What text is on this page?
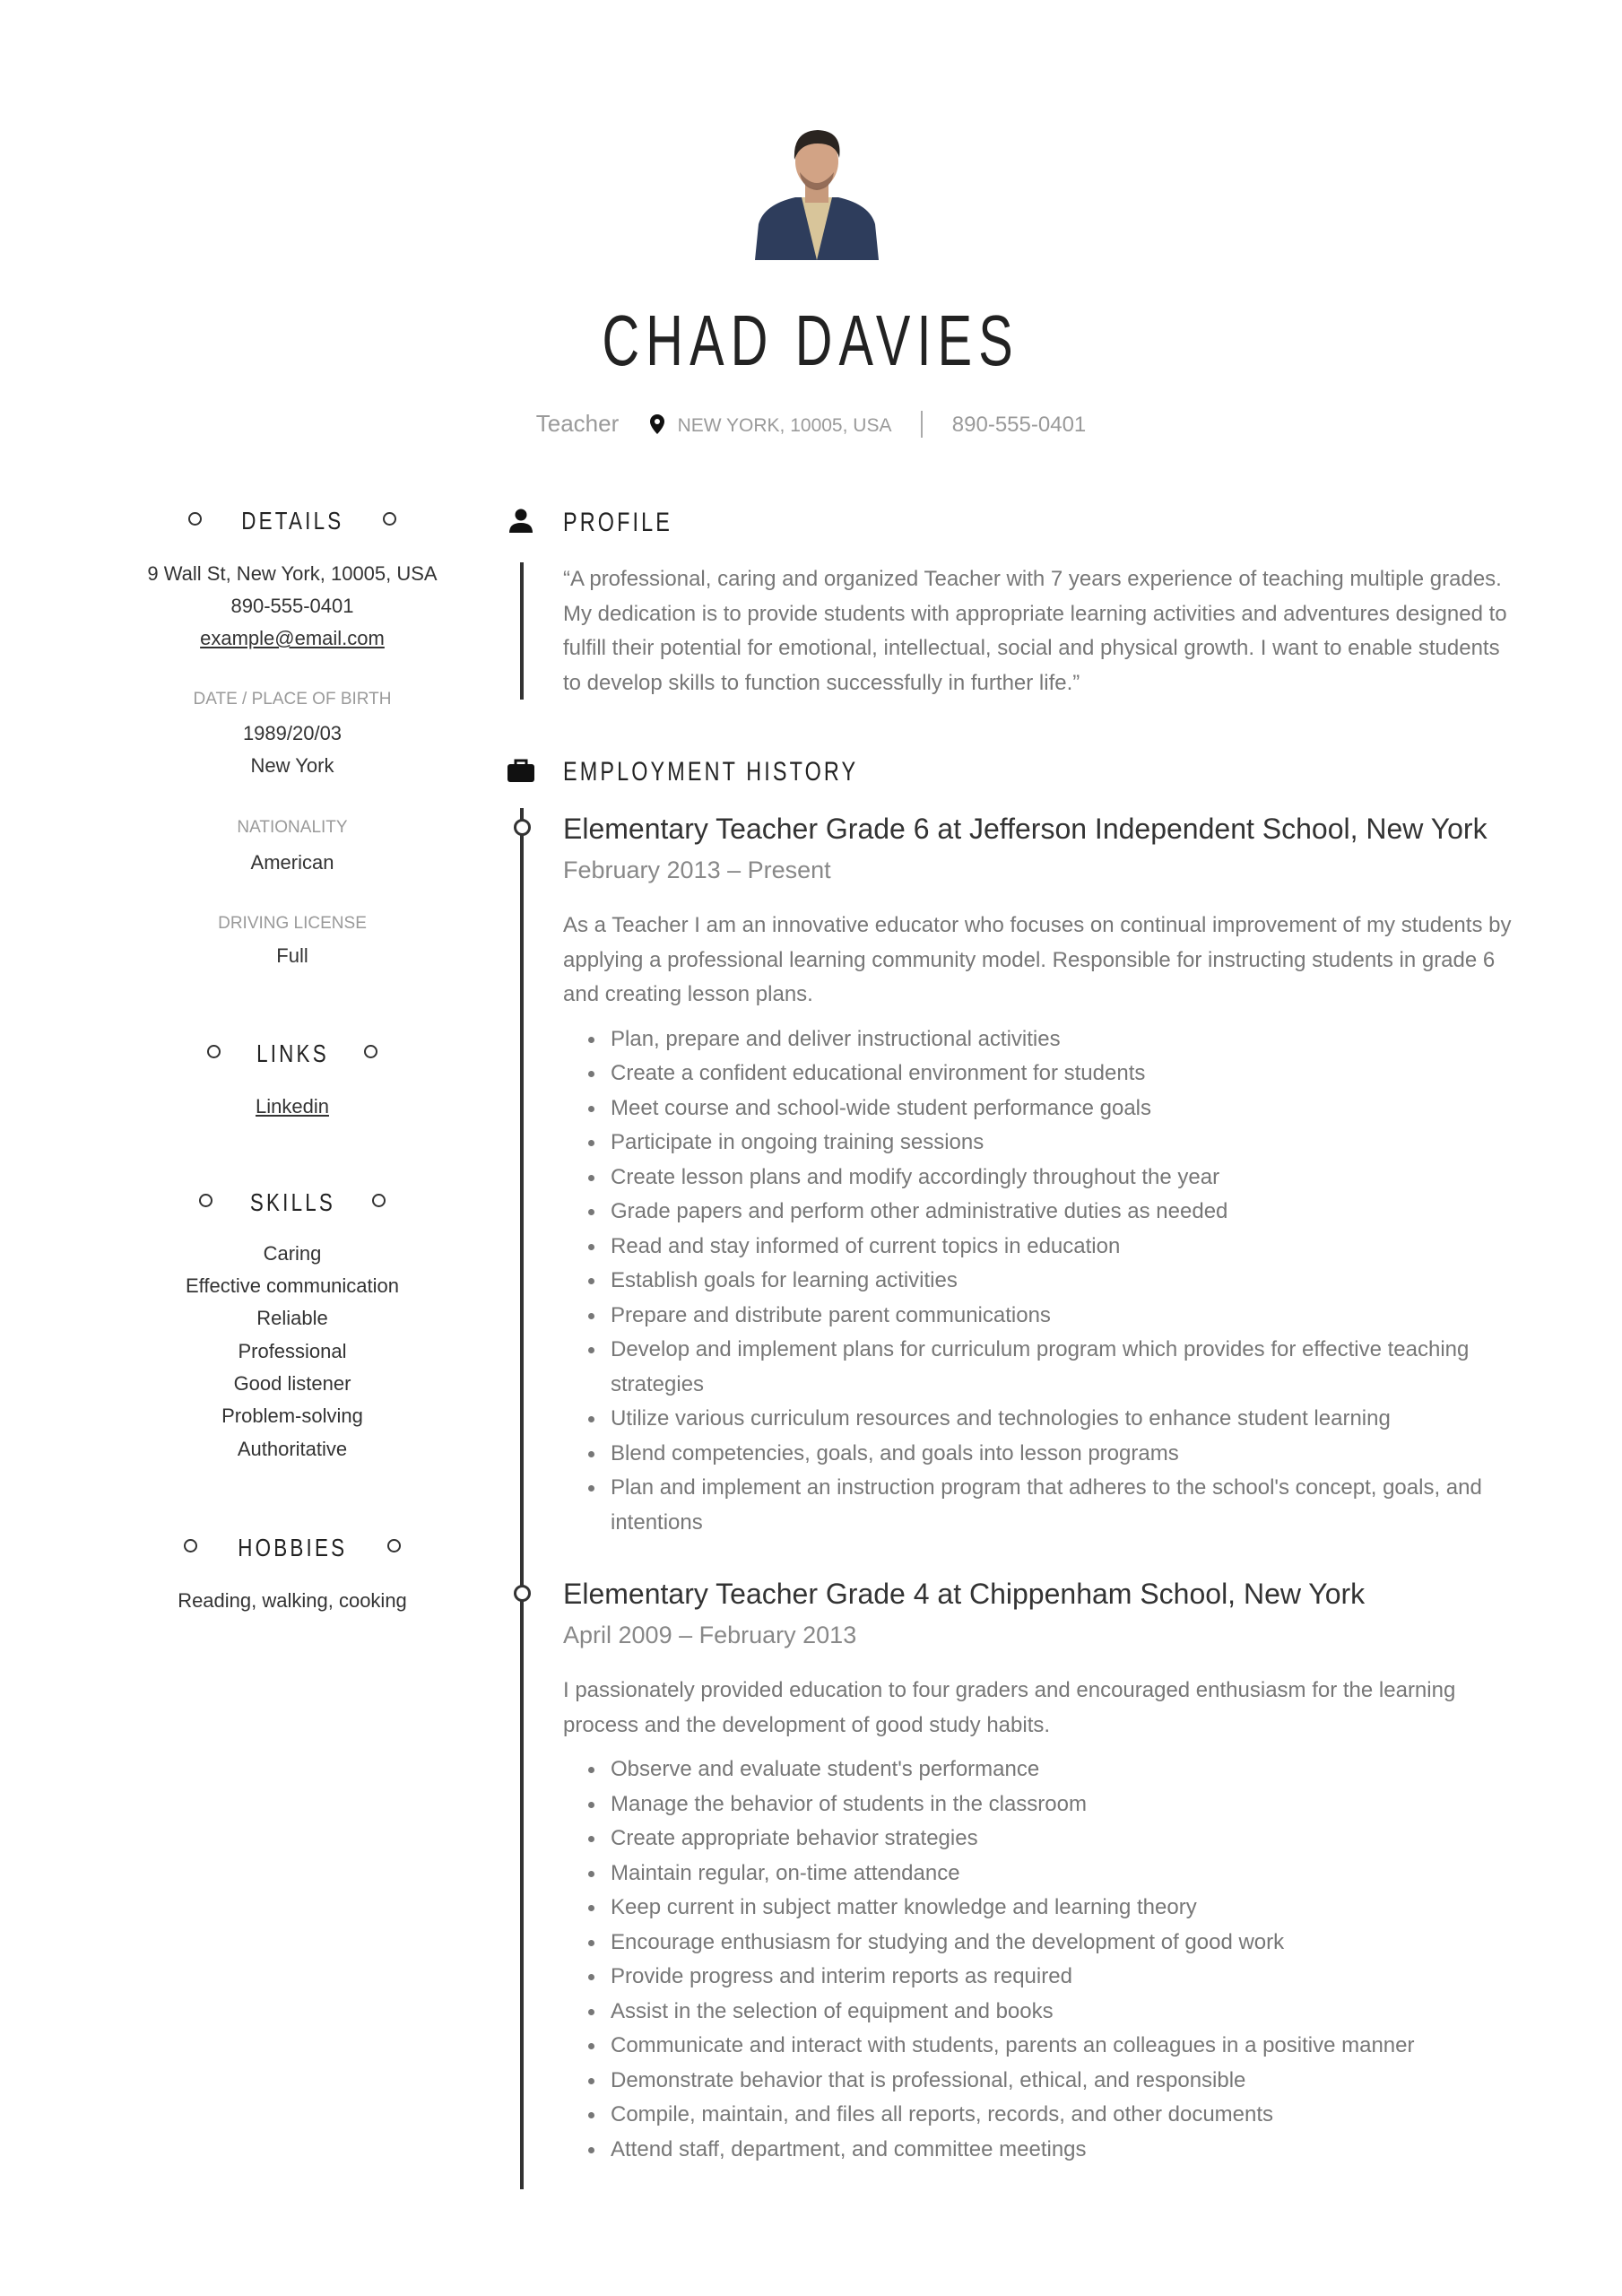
CHAD DAVIES
Teacher	NEW YORK, 10005, USA	890-555-0401
DETAILS
9 Wall St, New York, 10005, USA
890-555-0401
example@email.com
DATE / PLACE OF BIRTH
1989/20/03
New York
NATIONALITY
American
DRIVING LICENSE
Full
LINKS
Linkedin
SKILLS
Caring
Effective communication
Reliable
Professional
Good listener
Problem-solving
Authoritative
HOBBIES
Reading, walking, cooking
PROFILE
“A professional, caring and organized Teacher with 7 years experience of teaching multiple grades. My dedication is to provide students with appropriate learning activities and adventures designed to fulfill their potential for emotional, intellectual, social and physical growth. I want to enable students to develop skills to function successfully in further life.”
EMPLOYMENT HISTORY
Elementary Teacher Grade 6 at Jefferson Independent School, New York
February 2013 – Present
As a Teacher I am an innovative educator who focuses on continual improvement of my students by applying a professional learning community model. Responsible for instructing students in grade 6 and creating lesson plans.
Plan, prepare and deliver instructional activities
Create a confident educational environment for students
Meet course and school-wide student performance goals
Participate in ongoing training sessions
Create lesson plans and modify accordingly throughout the year
Grade papers and perform other administrative duties as needed
Read and stay informed of current topics in education
Establish goals for learning activities
Prepare and distribute parent communications
Develop and implement plans for curriculum program which provides for effective teaching strategies
Utilize various curriculum resources and technologies to enhance student learning
Blend competencies, goals, and goals into lesson programs
Plan and implement an instruction program that adheres to the school's concept, goals, and intentions
Elementary Teacher Grade 4 at Chippenham School, New York
April 2009 – February 2013
I passionately provided education to four graders and encouraged enthusiasm for the learning process and the development of good study habits.
Observe and evaluate student's performance
Manage the behavior of students in the classroom
Create appropriate behavior strategies
Maintain regular, on-time attendance
Keep current in subject matter knowledge and learning theory
Encourage enthusiasm for studying and the development of good work
Provide progress and interim reports as required
Assist in the selection of equipment and books
Communicate and interact with students, parents an colleagues in a positive manner
Demonstrate behavior that is professional, ethical, and responsible
Compile, maintain, and files all reports, records, and other documents
Attend staff, department, and committee meetings
